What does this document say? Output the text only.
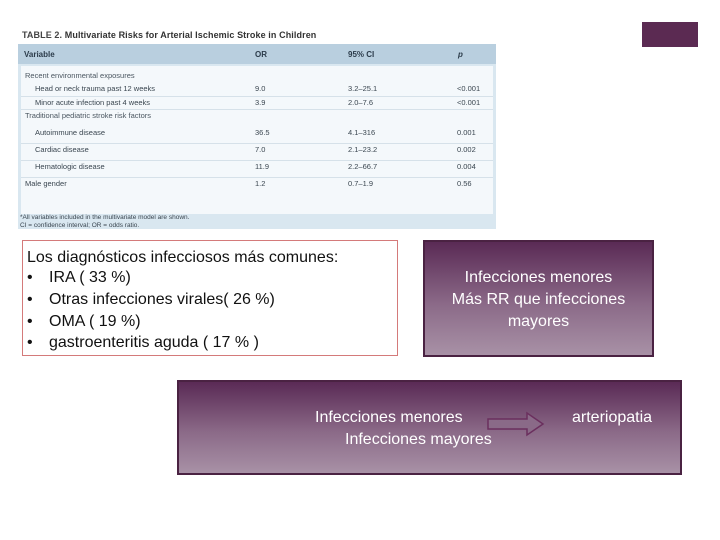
TABLE 2. Multivariate Risks for Arterial Ischemic Stroke in Children
Variable	OR	95% CI	p
Recent environmental exposures
Head or neck trauma past 12 weeks	9.0	3.2–25.1	<0.001
Minor acute infection past 4 weeks	3.9	2.0–7.6	<0.001
Traditional pediatric stroke risk factors
Autoimmune disease	36.5	4.1–316	0.001
Cardiac disease	7.0	2.1–23.2	0.002
Hematologic disease	11.9	2.2–66.7	0.004
Male gender	1.2	0.7–1.9	0.56
*All variables included in the multivariate model are shown.
CI = confidence interval; OR = odds ratio.
Los diagnósticos infecciosos más comunes:
• IRA ( 33 %)
• Otras infecciones virales( 26 %)
• OMA ( 19 %)
• gastroenteritis aguda ( 17 % )
Infecciones menores
Más RR que infecciones
mayores
Infecciones menores
Infecciones mayores
arteriopatia
